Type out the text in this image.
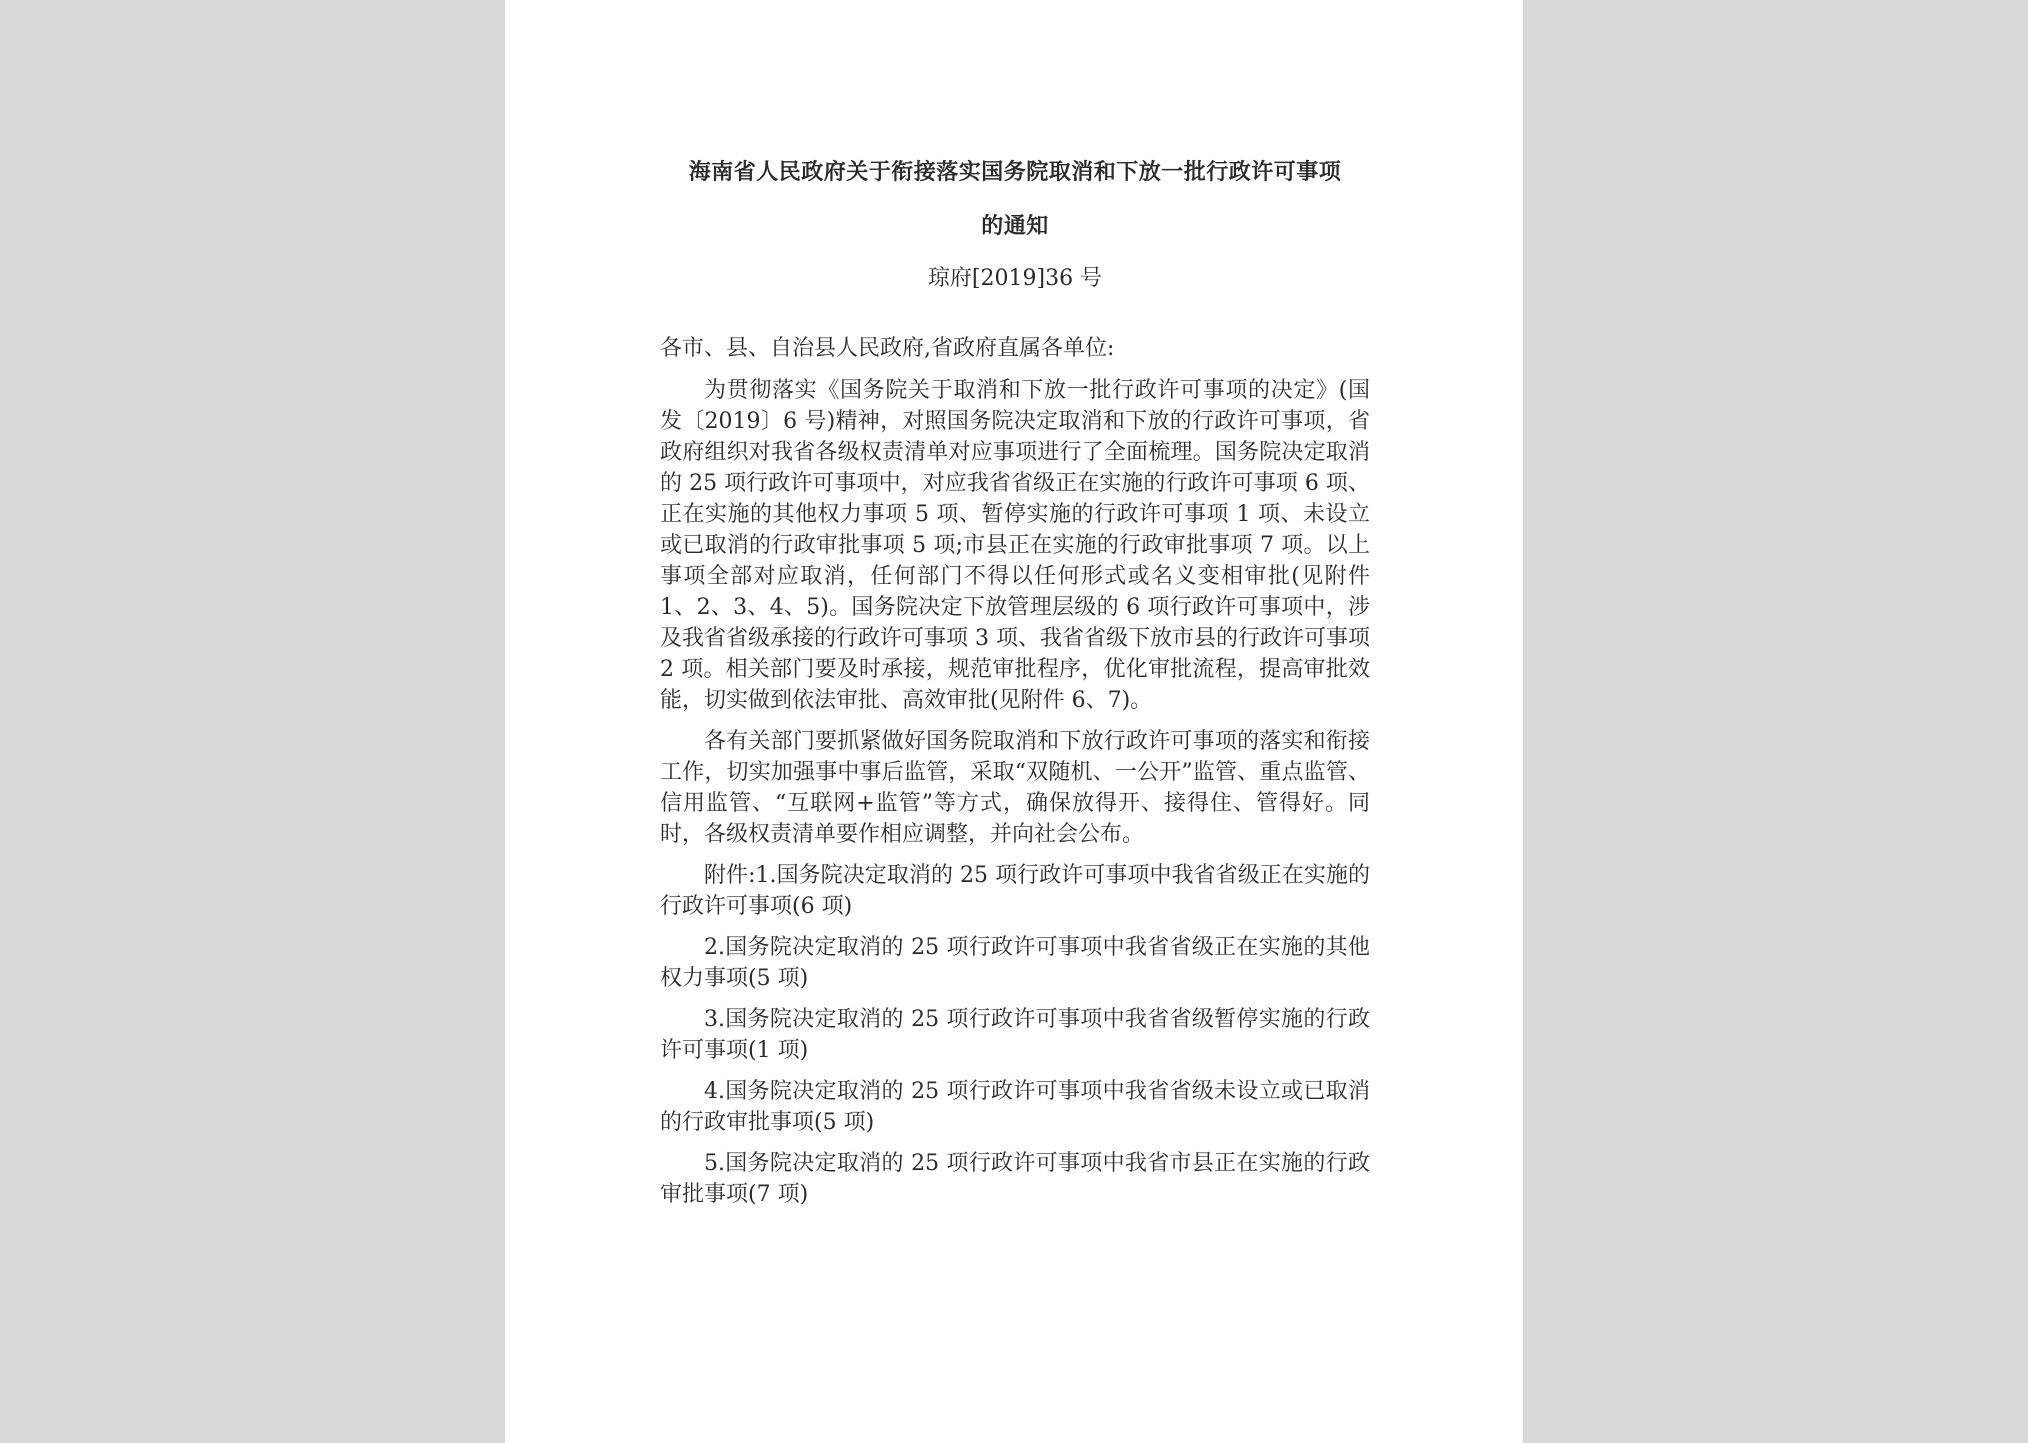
海南省人民政府关于衔接落实国务院取消和下放一批行政许可事项

的通知

琼府[2019]36 号

各市、县、自治县人民政府,省政府直属各单位:

为贯彻落实《国务院关于取消和下放一批行政许可事项的决定》(国发〔2019〕6 号)精神，对照国务院决定取消和下放的行政许可事项，省政府组织对我省各级权责清单对应事项进行了全面梳理。国务院决定取消的 25 项行政许可事项中，对应我省省级正在实施的行政许可事项 6 项、正在实施的其他权力事项 5 项、暂停实施的行政许可事项 1 项、未设立或已取消的行政审批事项 5 项;市县正在实施的行政审批事项 7 项。以上事项全部对应取消，任何部门不得以任何形式或名义变相审批(见附件 1、2、3、4、5)。国务院决定下放管理层级的 6 项行政许可事项中，涉及我省省级承接的行政许可事项 3 项、我省省级下放市县的行政许可事项 2 项。相关部门要及时承接，规范审批程序，优化审批流程，提高审批效能，切实做到依法审批、高效审批(见附件 6、7)。

各有关部门要抓紧做好国务院取消和下放行政许可事项的落实和衔接工作，切实加强事中事后监管，采取“双随机、一公开”监管、重点监管、信用监管、“互联网+监管”等方式，确保放得开、接得住、管得好。同时，各级权责清单要作相应调整，并向社会公布。

附件:1.国务院决定取消的 25 项行政许可事项中我省省级正在实施的行政许可事项(6 项)
2.国务院决定取消的 25 项行政许可事项中我省省级正在实施的其他权力事项(5 项)
3.国务院决定取消的 25 项行政许可事项中我省省级暂停实施的行政许可事项(1 项)
4.国务院决定取消的 25 项行政许可事项中我省省级未设立或已取消的行政审批事项(5 项)
5.国务院决定取消的 25 项行政许可事项中我省市县正在实施的行政审批事项(7 项)
